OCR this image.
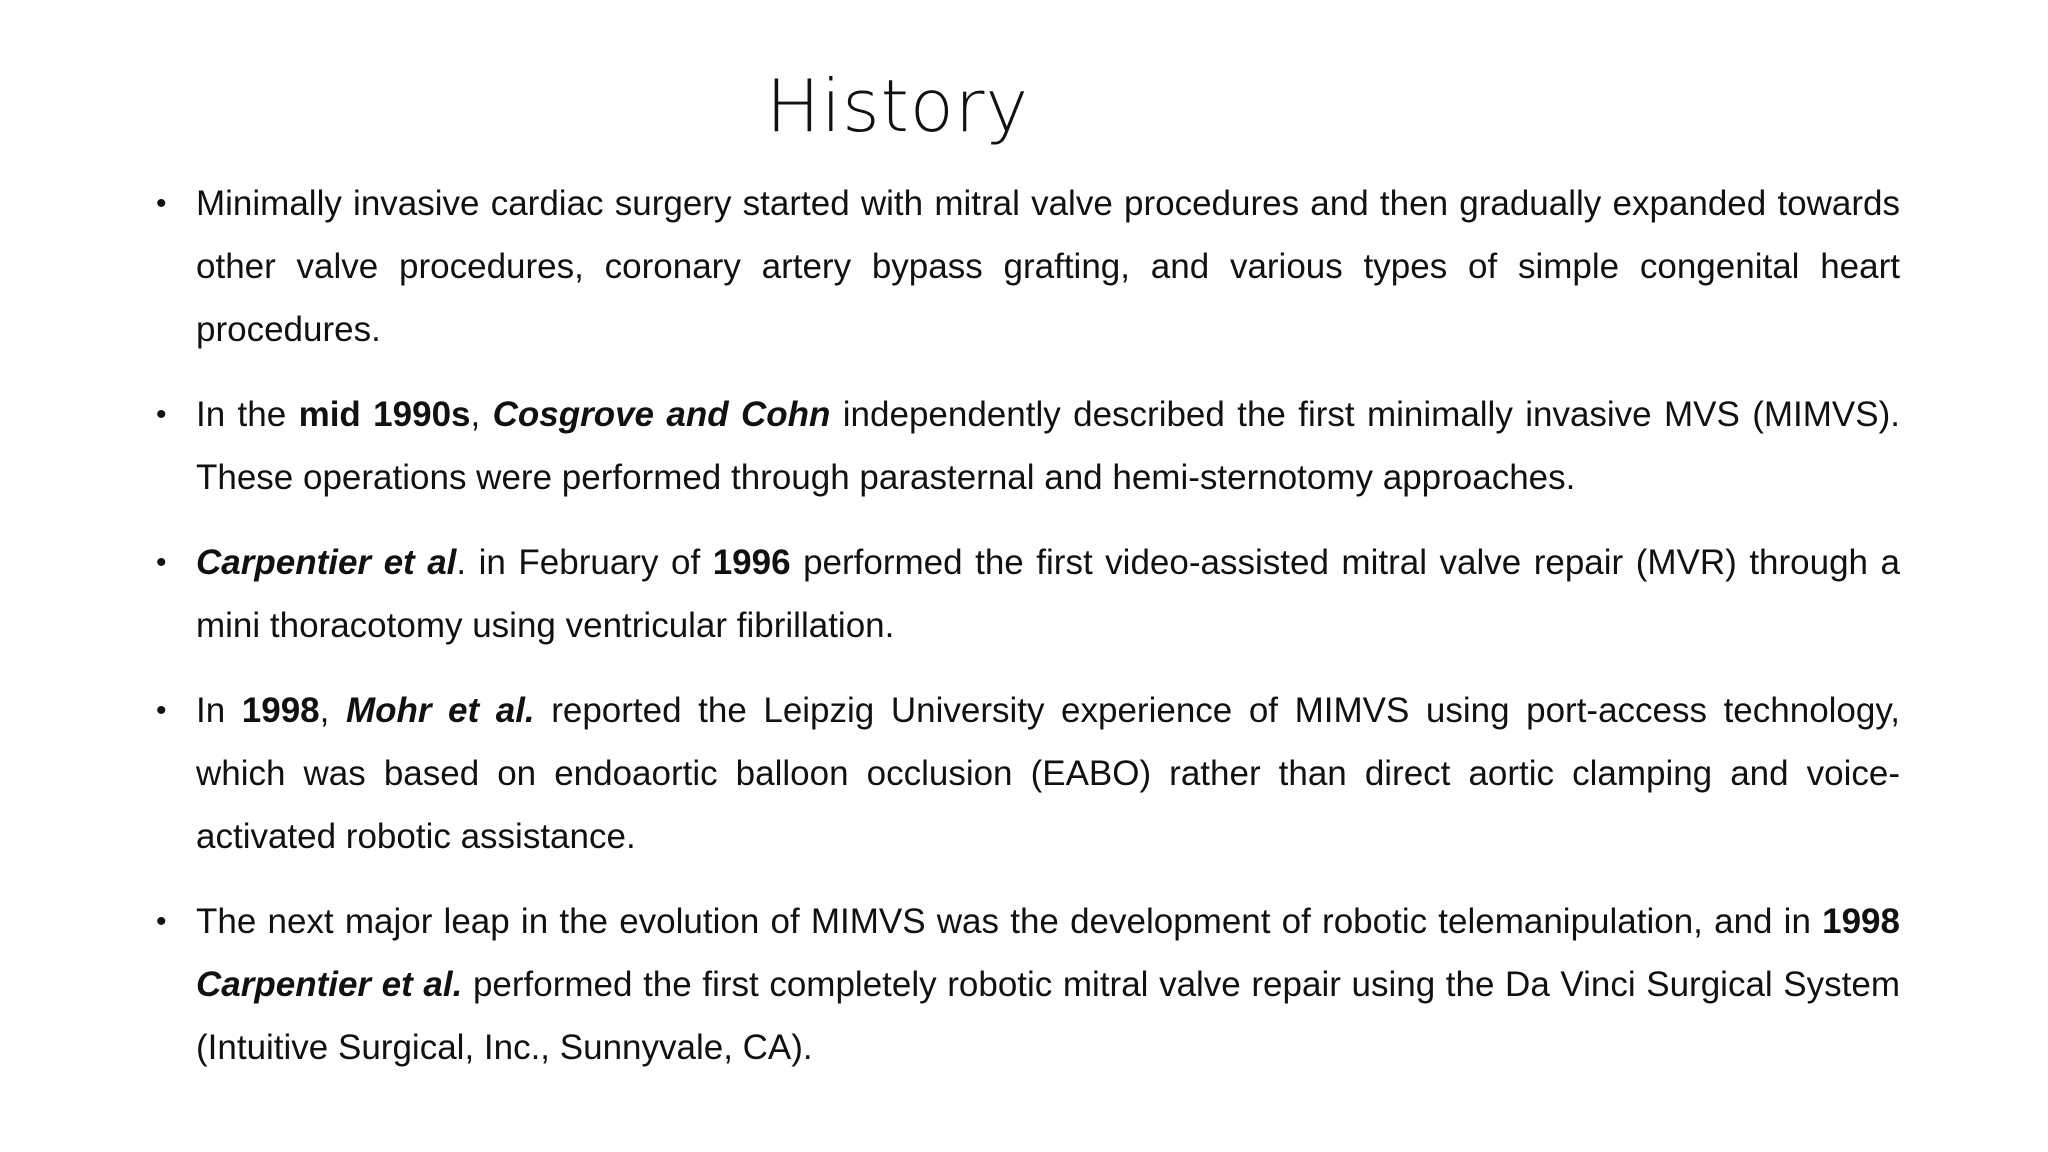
History
• Minimally invasive cardiac surgery started with mitral valve procedures and then gradually expanded towards other valve procedures, coronary artery bypass grafting, and various types of simple congenital heart procedures.
• In the mid 1990s, Cosgrove and Cohn independently described the first minimally invasive MVS (MIMVS). These operations were performed through parasternal and hemi-sternotomy approaches.
• Carpentier et al. in February of 1996 performed the first video-assisted mitral valve repair (MVR) through a mini thoracotomy using ventricular fibrillation.
• In 1998, Mohr et al. reported the Leipzig University experience of MIMVS using port-access technology, which was based on endoaortic balloon occlusion (EABO) rather than direct aortic clamping and voice-activated robotic assistance.
• The next major leap in the evolution of MIMVS was the development of robotic telemanipulation, and in 1998 Carpentier et al. performed the first completely robotic mitral valve repair using the Da Vinci Surgical System (Intuitive Surgical, Inc., Sunnyvale, CA).
